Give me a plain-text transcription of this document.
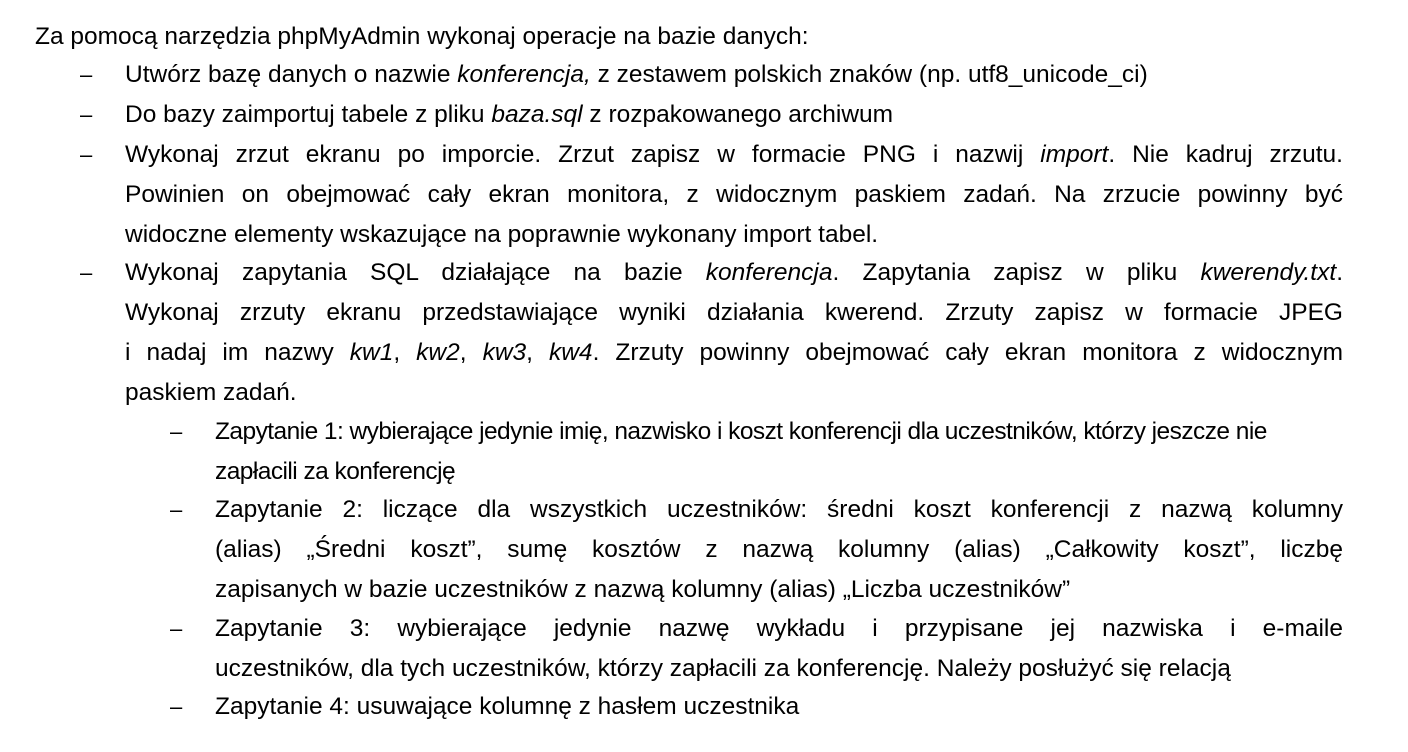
Za pomocą narzędzia phpMyAdmin wykonaj operacje na bazie danych:

– Utwórz bazę danych o nazwie konferencja, z zestawem polskich znaków (np. utf8_unicode_ci)
– Do bazy zaimportuj tabele z pliku baza.sql z rozpakowanego archiwum
– Wykonaj zrzut ekranu po imporcie. Zrzut zapisz w formacie PNG i nazwij import. Nie kadruj zrzutu.
Powinien on obejmować cały ekran monitora, z widocznym paskiem zadań. Na zrzucie powinny być
widoczne elementy wskazujące na poprawnie wykonany import tabel.
– Wykonaj zapytania SQL działające na bazie konferencja. Zapytania zapisz w pliku kwerendy.txt.
Wykonaj zrzuty ekranu przedstawiające wyniki działania kwerend. Zrzuty zapisz w formacie JPEG
i nadaj im nazwy kw1, kw2, kw3, kw4. Zrzuty powinny obejmować cały ekran monitora z widocznym
paskiem zadań.
– Zapytanie 1: wybierające jedynie imię, nazwisko i koszt konferencji dla uczestników, którzy jeszcze nie
zapłacili za konferencję
– Zapytanie 2: liczące dla wszystkich uczestników: średni koszt konferencji z nazwą kolumny
(alias) „Średni koszt”, sumę kosztów z nazwą kolumny (alias) „Całkowity koszt”, liczbę
zapisanych w bazie uczestników z nazwą kolumny (alias) „Liczba uczestników”
– Zapytanie 3: wybierające jedynie nazwę wykładu i przypisane jej nazwiska i e-maile
uczestników, dla tych uczestników, którzy zapłacili za konferencję. Należy posłużyć się relacją
– Zapytanie 4: usuwające kolumnę z hasłem uczestnika
